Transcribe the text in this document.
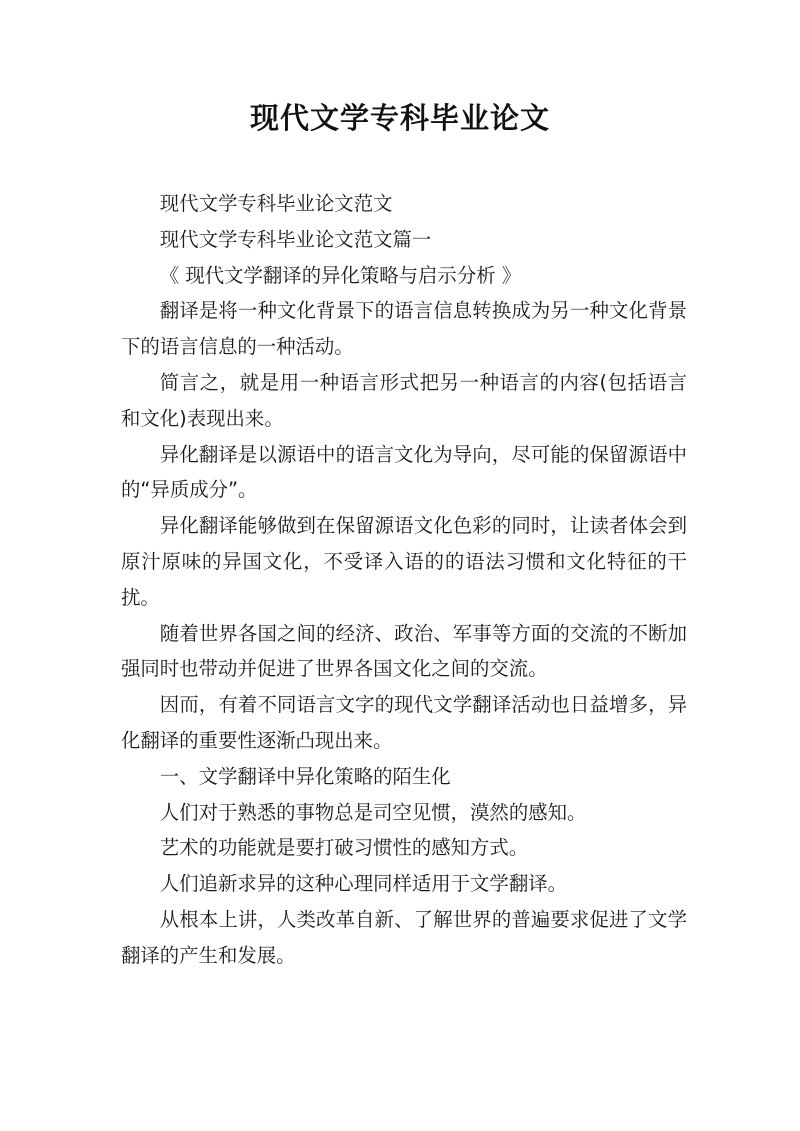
现代文学专科毕业论文

现代文学专科毕业论文范文

现代文学专科毕业论文范文篇一

《 现代文学翻译的异化策略与启示分析 》

翻译是将一种文化背景下的语言信息转换成为另一种文化背景下的语言信息的一种活动。

简言之，就是用一种语言形式把另一种语言的内容(包括语言和文化)表现出来。

异化翻译是以源语中的语言文化为导向，尽可能的保留源语中的“异质成分”。

异化翻译能够做到在保留源语文化色彩的同时，让读者体会到原汁原味的异国文化，不受译入语的的语法习惯和文化特征的干扰。

随着世界各国之间的经济、政治、军事等方面的交流的不断加强同时也带动并促进了世界各国文化之间的交流。

因而，有着不同语言文字的现代文学翻译活动也日益增多，异化翻译的重要性逐渐凸现出来。

一、文学翻译中异化策略的陌生化

人们对于熟悉的事物总是司空见惯，漠然的感知。

艺术的功能就是要打破习惯性的感知方式。

人们追新求异的这种心理同样适用于文学翻译。

从根本上讲，人类改革自新、了解世界的普遍要求促进了文学翻译的产生和发展。
